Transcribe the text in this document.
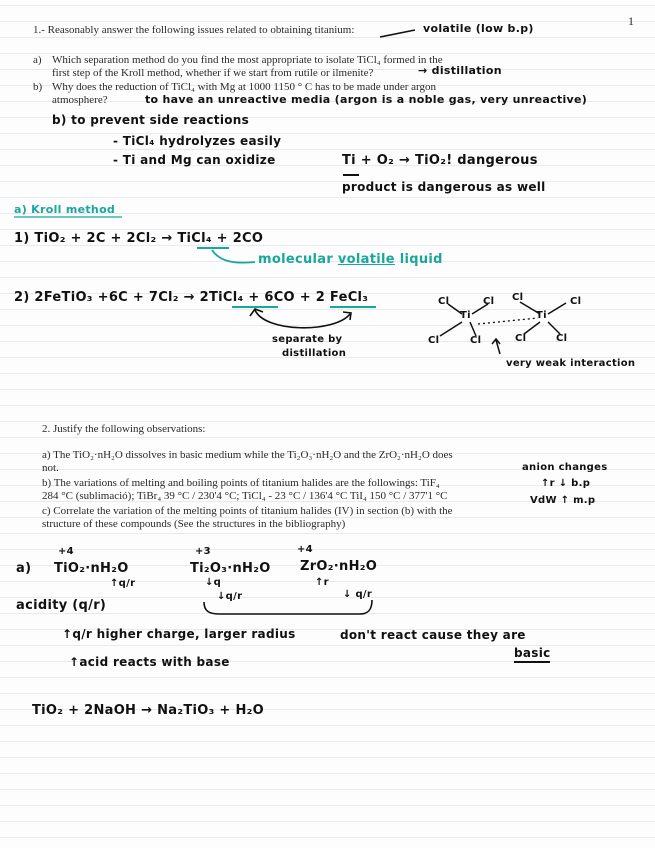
1
1.- Reasonably answer the following issues related to obtaining titanium:
a) Which separation method do you find the most appropriate to isolate TiCl₄ formed in the
first step of the Kroll method, whether if we start from rutile or ilmenite?
b) Why does the reduction of TiCl₄ with Mg at 1000 1150 ° C has to be made under argon
atmosphere?
volatile (low b.p)
→ distillation
to have an unreactive media (argon is a noble gas, very unreactive)
b) to prevent side reactions
- TiCl₄ hydrolyzes easily
- Ti and Mg can oxidize	Ti + O₂ → TiO₂! dangerous
product is dangerous as well
a) Kroll method
1) TiO₂ + 2C + 2Cl₂ → TiCl₄ + 2CO
molecular volatile liquid
2) 2FeTiO₃ +6C + 7Cl₂ → 2TiCl₄ + 6CO + 2 FeCl₃
separate by
distillation
Cl	Cl
Ti
Cl	Cl
Cl	Cl
Ti
Cl	Cl
very weak interaction
2. Justify the following observations:
a) The TiO₂·nH₂O dissolves in basic medium while the Ti₂O₃·nH₂O and the ZrO₂·nH₂O does
not.
b) The variations of melting and boiling points of titanium halides are the followings: TiF₄
284 °C (sublimació); TiBr₄ 39 °C / 230'4 °C; TiCl₄ - 23 °C / 136'4 °C TiI₄ 150 °C / 377'1 °C
c) Correlate the variation of the melting points of titanium halides (IV) in section (b) with the
structure of these compounds (See the structures in the bibliography)
anion changes
↑r ↓ b.p
VdW ↑ m.p
+4	+3	+4
a) TiO₂·nH₂O	Ti₂O₃·nH₂O ZrO₂·nH₂O
↑q/r	↓q
↓q/r
↑r
↓ q/r
acidity (q/r)
↑q/r higher charge, larger radius	don't react cause they are
basic
↑acid reacts with base
TiO₂ + 2NaOH → Na₂TiO₃ + H₂O
